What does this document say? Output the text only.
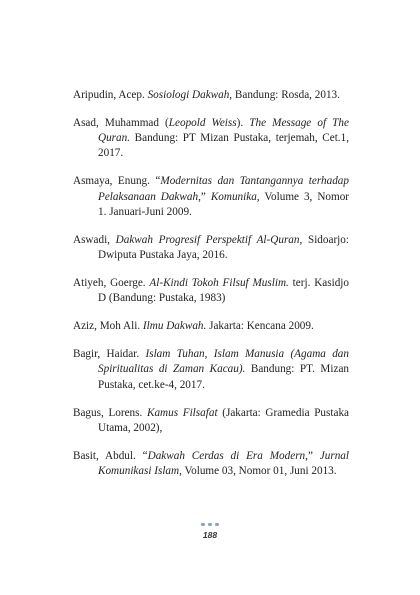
Aripudin, Acep. Sosiologi Dakwah, Bandung: Rosda, 2013.
Asad, Muhammad (Leopold Weiss). The Message of The Quran. Bandung: PT Mizan Pustaka, terjemah, Cet.1, 2017.
Asmaya, Enung. “Modernitas dan Tantangannya terhadap Pelaksanaan Dakwah,” Komunika, Volume 3, Nomor 1. Januari-Juni 2009.
Aswadi, Dakwah Progresif Perspektif Al-Quran, Sidoarjo: Dwiputa Pustaka Jaya, 2016.
Atiyeh, Goerge. Al-Kindi Tokoh Filsuf Muslim. terj. Kasidjo D (Bandung: Pustaka, 1983)
Aziz, Moh Ali. Ilmu Dakwah. Jakarta: Kencana 2009.
Bagir, Haidar. Islam Tuhan, Islam Manusia (Agama dan Spiritualitas di Zaman Kacau). Bandung: PT. Mizan Pustaka, cet.ke-4, 2017.
Bagus, Lorens. Kamus Filsafat (Jakarta: Gramedia Pustaka Utama, 2002),
Basit, Abdul. “Dakwah Cerdas di Era Modern,” Jurnal Komunikasi Islam, Volume 03, Nomor 01, Juni 2013.
188
